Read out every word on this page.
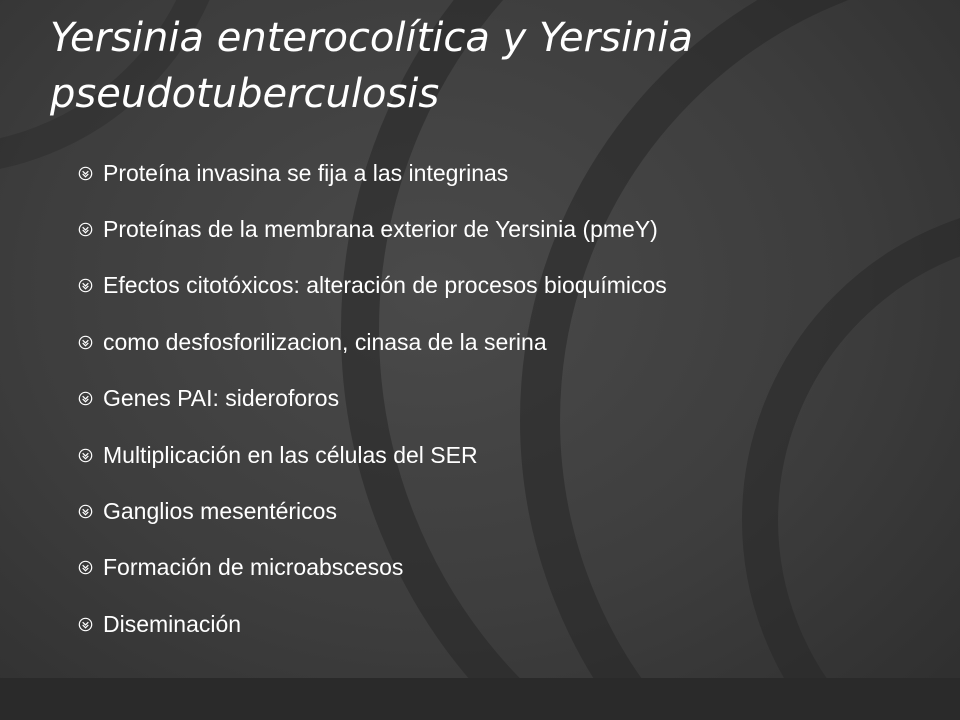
Yersinia enterocolítica y Yersinia pseudotuberculosis
Proteína invasina se fija a las integrinas
Proteínas de la membrana exterior de Yersinia (pmeY)
Efectos citotóxicos: alteración de procesos bioquímicos
como desfosforilizacion, cinasa de la serina
Genes PAI: sideroforos
Multiplicación en las células del SER
Ganglios mesentéricos
Formación de microabscesos
Diseminación
